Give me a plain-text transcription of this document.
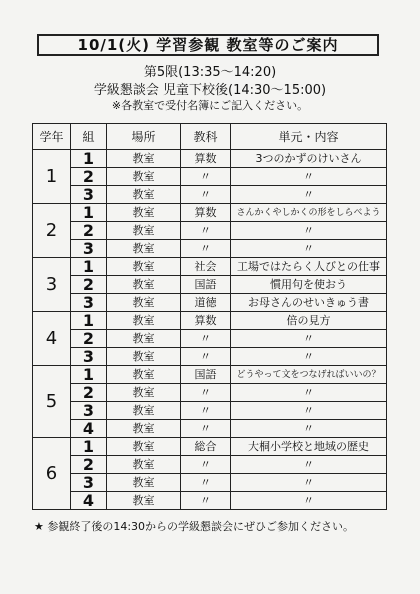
10/1(火) 学習参観 教室等のご案内
第5限(13:35～14:20)
学級懇談会 児童下校後(14:30～15:00)
※各教室で受付名簿にご記入ください。
学年	組	場所	教科	単元・内容
1	1	教室	算数	3つのかずのけいさん
	2	教室	〃	〃
	3	教室	〃	〃
2	1	教室	算数	さんかくやしかくの形をしらべよう
	2	教室	〃	〃
	3	教室	〃	〃
3	1	教室	社会	工場ではたらく人びとの仕事
	2	教室	国語	慣用句を使おう
	3	教室	道徳	お母さんのせいきゅう書
4	1	教室	算数	倍の見方
	2	教室	〃	〃
	3	教室	〃	〃
5	1	教室	国語	どうやって文をつなげればいいの？
	2	教室	〃	〃
	3	教室	〃	〃
	4	教室	〃	〃
6	1	教室	総合	大桐小学校と地域の歴史
	2	教室	〃	〃
	3	教室	〃	〃
	4	教室	〃	〃
★ 参観終了後の14:30からの学級懇談会にぜひご参加ください。
